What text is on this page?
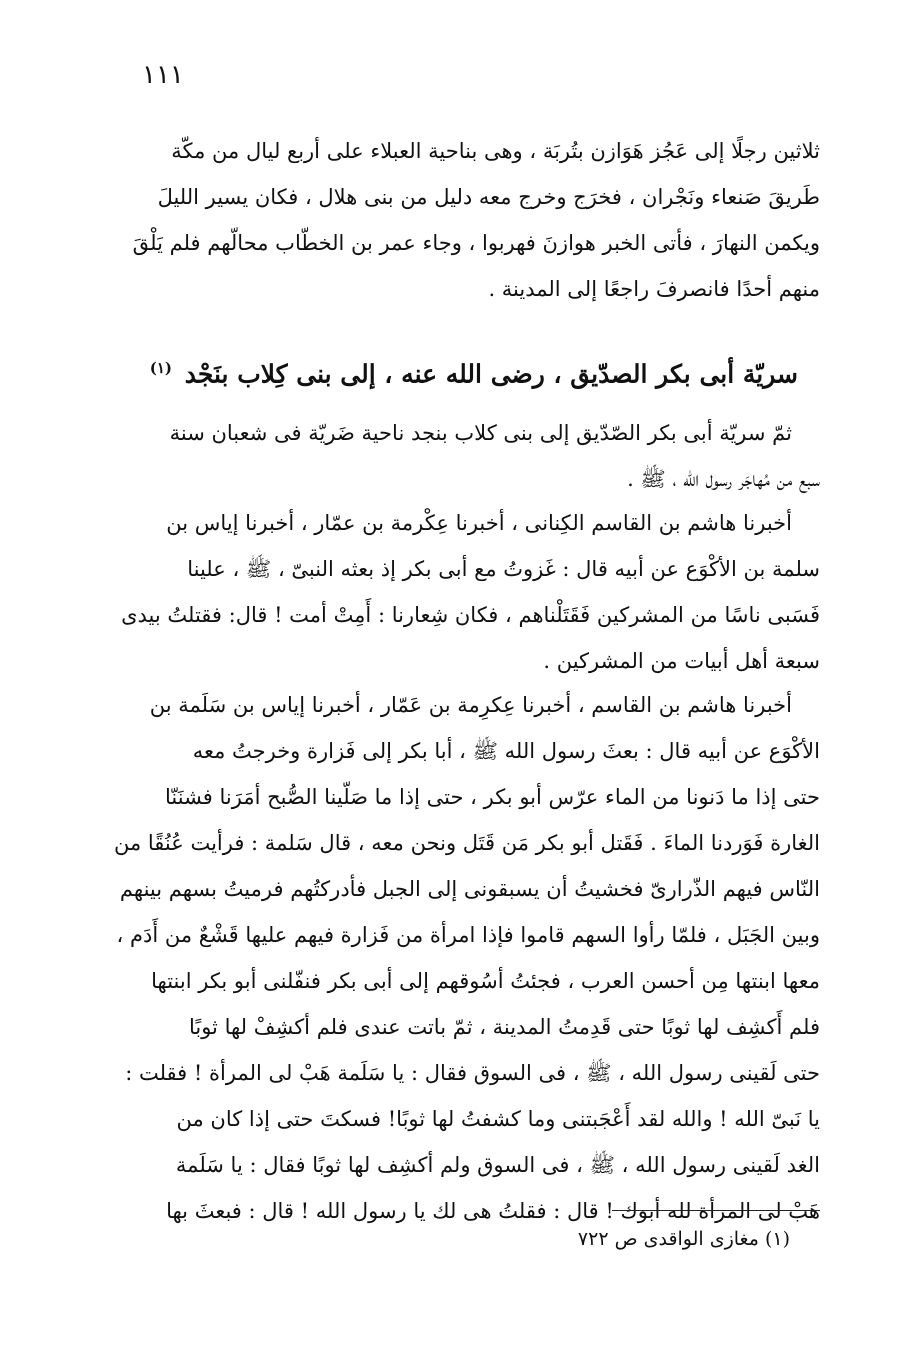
١١١
ثلاثين رجلًا إلى عَجُز هَوَازن بتُربَة ، وهى بناحية العبلاء على أربع ليال من مكّة
طَريقَ صَنعاء ونَجْران ، فخرَج وخرج معه دليل من بنى هلال ، فكان يسير الليلَ
ويكمن النهارَ ، فأتى الخبر هوازنَ فهربوا ، وجاء عمر بن الخطّاب محالّهم فلم يَلْقَ
منهم أحدًا فانصرفَ راجعًا إلى المدينة .
سريّة أبى بكر الصدّيق ، رضى الله عنه ، إلى بنى كِلاب بنَجْد $^{(١)}$
ثمّ سريّة أبى بكر الصّدّيق إلى بنى كلاب بنجد ناحية ضَريّة فى شعبان سنة
سبع من مُهاجَر رسول الله ، ﷺ .
أخبرنا هاشم بن القاسم الكِنانى ، أخبرنا عِكْرمة بن عمّار ، أخبرنا إياس بن
سلمة بن الأكْوَع عن أبيه قال : غَزوتُ مع أبى بكر إذ بعثه النبىّ ، ﷺ ، علينا
فَسَبى ناسًا من المشركين فَقَتَلْناهم ، فكان شِعارنا : أَمِتْ أمت ! قال: فقتلتُ بيدى
سبعة أهل أبيات من المشركين .
أخبرنا هاشم بن القاسم ، أخبرنا عِكرِمة بن عَمّار ، أخبرنا إياس بن سَلَمة بن
الأكْوَع عن أبيه قال : بعثَ رسول الله ﷺ ، أبا بكر إلى فَزارة وخرجتُ معه
حتى إذا ما دَنونا من الماء عرّس أبو بكر ، حتى إذا ما صَلّينا الصُّبح أمَرَنا فشنَنّا
الغارة فَوَردنا الماءَ . فَقَتل أبو بكر مَن قَتَل ونحن معه ، قال سَلمة : فرأيت عُنُقًا من
النّاس فيهم الذّرارىّ فخشيتُ أن يسبقونى إلى الجبل فأدركتُهم فرميتُ بسهم بينهم
وبين الجَبَل ، فلمّا رأوا السهم قاموا فإذا امرأة من فَزارة فيهم عليها قَشْعٌ من أَدَم ،
معها ابنتها مِن أحسن العرب ، فجئتُ أسُوقهم إلى أبى بكر فنفّلنى أبو بكر ابنتها
فلم أَكشِف لها ثوبًا حتى قَدِمتُ المدينة ، ثمّ باتت عندى فلم أكشِفْ لها ثوبًا
حتى لَقينى رسول الله ، ﷺ ، فى السوق فقال : يا سَلَمة هَبْ لى المرأة ! فقلت :
يا نَبىّ الله ! والله لقد أَعْجَبتنى وما كشفتُ لها ثوبًا! فسكتَ حتى إذا كان من
الغد لَقينى رسول الله ، ﷺ ، فى السوق ولم أكشِف لها ثوبًا فقال : يا سَلَمة
هَبْ لى المرأة لله أبوك ! قال : فقلتُ هى لك يا رسول الله ! قال : فبعثَ بها
(١) مغازى الواقدى ص ٧٢٢
